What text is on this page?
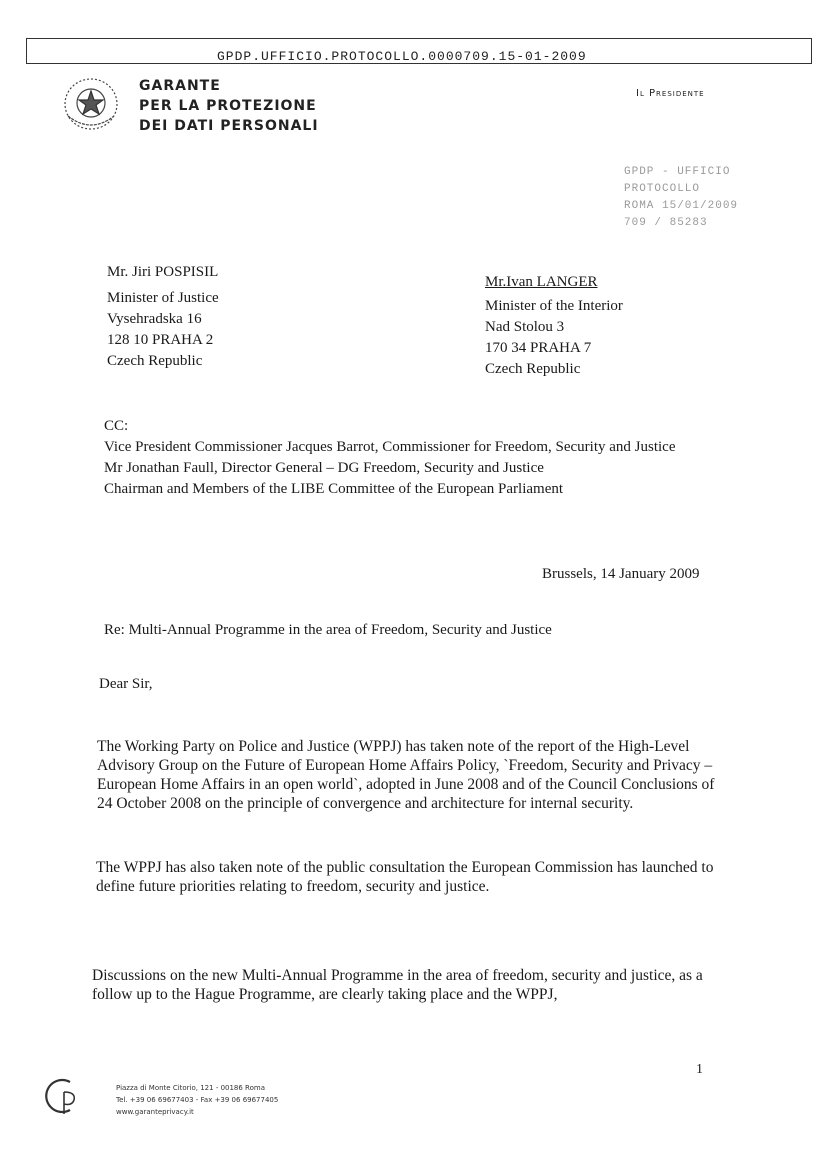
GPDP.UFFICIO.PROTOCOLLO.0000709.15-01-2009
GARANTE
PER LA PROTEZIONE
DEI DATI PERSONALI
Il Presidente
GPDP - UFFICIO
PROTOCOLLO
ROMA 15/01/2009
709 / 85283
Mr. Jiri POSPISIL
Minister of Justice
Vysehradska 16
128 10 PRAHA 2
Czech Republic
Mr.Ivan LANGER
Minister of the Interior
Nad Stolou 3
170 34 PRAHA 7
Czech Republic
CC:
Vice President Commissioner Jacques Barrot, Commissioner for Freedom, Security and Justice
Mr Jonathan Faull, Director General – DG Freedom, Security and Justice
Chairman and Members of the LIBE Committee of the European Parliament
Brussels, 14 January 2009
Re: Multi-Annual Programme in the area of Freedom, Security and Justice
Dear Sir,
The Working Party on Police and Justice (WPPJ) has taken note of the report of the High-Level Advisory Group on the Future of European Home Affairs Policy, `Freedom, Security and Privacy – European Home Affairs in an open world`, adopted in June 2008 and of the Council Conclusions of 24 October 2008 on the principle of convergence and architecture for internal security.
The WPPJ has also taken note of the public consultation the European Commission has launched to define future priorities relating to freedom, security and justice.
Discussions on the new Multi-Annual Programme in the area of freedom, security and justice, as a follow up to the Hague Programme, are clearly taking place and the WPPJ,
1
Piazza di Monte Citorio, 121 - 00186 Roma
Tel. +39 06 69677403 - Fax +39 06 69677405
www.garanteprivacy.it
